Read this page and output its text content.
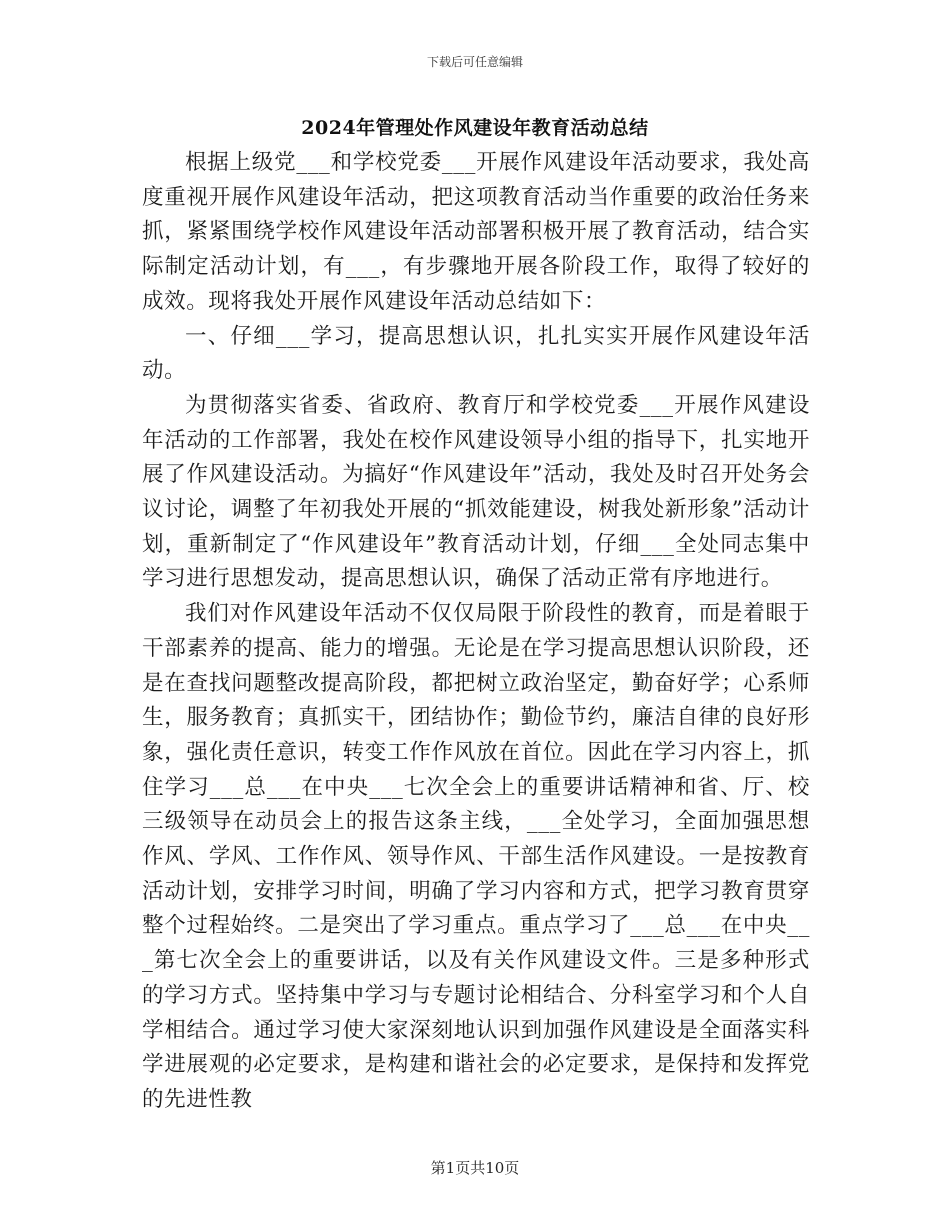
下载后可任意编辑
2024年管理处作风建设年教育活动总结

根据上级党___和学校党委___开展作风建设年活动要求，我处高度重视开展作风建设年活动，把这项教育活动当作重要的政治任务来抓，紧紧围绕学校作风建设年活动部署积极开展了教育活动，结合实际制定活动计划，有___，有步骤地开展各阶段工作，取得了较好的成效。现将我处开展作风建设年活动总结如下：

一、仔细___学习，提高思想认识，扎扎实实开展作风建设年活动。

为贯彻落实省委、省政府、教育厅和学校党委___开展作风建设年活动的工作部署，我处在校作风建设领导小组的指导下，扎实地开展了作风建设活动。为搞好“作风建设年”活动，我处及时召开处务会议讨论，调整了年初我处开展的“抓效能建设，树我处新形象”活动计划，重新制定了“作风建设年”教育活动计划，仔细___全处同志集中学习进行思想发动，提高思想认识，确保了活动正常有序地进行。

我们对作风建设年活动不仅仅局限于阶段性的教育，而是着眼于干部素养的提高、能力的增强。无论是在学习提高思想认识阶段，还是在查找问题整改提高阶段，都把树立政治坚定，勤奋好学；心系师生，服务教育；真抓实干，团结协作；勤俭节约，廉洁自律的良好形象，强化责任意识，转变工作作风放在首位。因此在学习内容上，抓住学习___总___在中央___七次全会上的重要讲话精神和省、厅、校三级领导在动员会上的报告这条主线，___全处学习，全面加强思想作风、学风、工作作风、领导作风、干部生活作风建设。一是按教育活动计划，安排学习时间，明确了学习内容和方式，把学习教育贯穿整个过程始终。二是突出了学习重点。重点学习了___总___在中央___第七次全会上的重要讲话，以及有关作风建设文件。三是多种形式的学习方式。坚持集中学习与专题讨论相结合、分科室学习和个人自学相结合。通过学习使大家深刻地认识到加强作风建设是全面落实科学进展观的必定要求，是构建和谐社会的必定要求，是保持和发挥党的先进性教

第1页共10页
